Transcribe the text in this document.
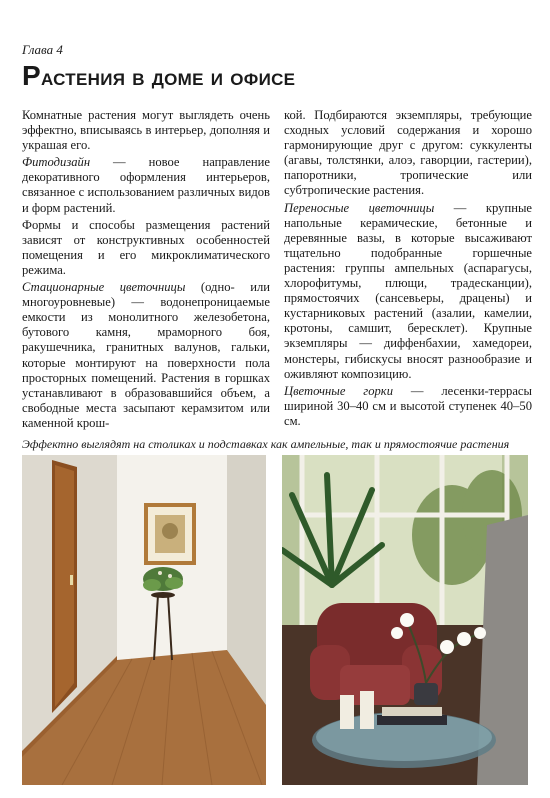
Глава 4
Растения в доме и офисе

Комнатные растения могут выглядеть очень эффектно, вписываясь в интерьер, дополняя и украшая его.

Фитодизайн — новое направление декоративного оформления интерьеров, связанное с использованием различных видов и форм растений.

Формы и способы размещения растений зависят от конструктивных особенностей помещения и его микроклиматического режима.

Стационарные цветочницы (одно- или многоуровневые) — водонепроницаемые емкости из монолитного железобетона, бутового камня, мраморного боя, ракушечника, гранитных валунов, гальки, которые монтируют на поверхности пола просторных помещений. Растения в горшках устанавливают в образовавшийся объем, а свободные места засыпают керамзитом или каменной крош-

кой. Подбираются экземпляры, требующие сходных условий содержания и хорошо гармонирующие друг с другом: суккуленты (агавы, толстянки, алоэ, гаворции, гастерии), папоротники, тропические или субтропические растения.

Переносные цветочницы — крупные напольные керамические, бетонные и деревянные вазы, в которые высаживают тщательно подобранные горшечные растения: группы ампельных (аспарагусы, хлорофитумы, плющи, традесканции), прямостоячих (сансевьеры, драцены) и кустарниковых растений (азалии, камелии, кротоны, самшит, бересклет). Крупные экземпляры — диффенбахии, хамедореи, монстеры, гибискусы вносят разнообразие и оживляют композицию.

Цветочные горки — лесенки-террасы шириной 30–40 см и высотой ступенек 40–50 см.

Эффектно выглядят на столиках и подставках как ампельные, так и прямостоячие растения
